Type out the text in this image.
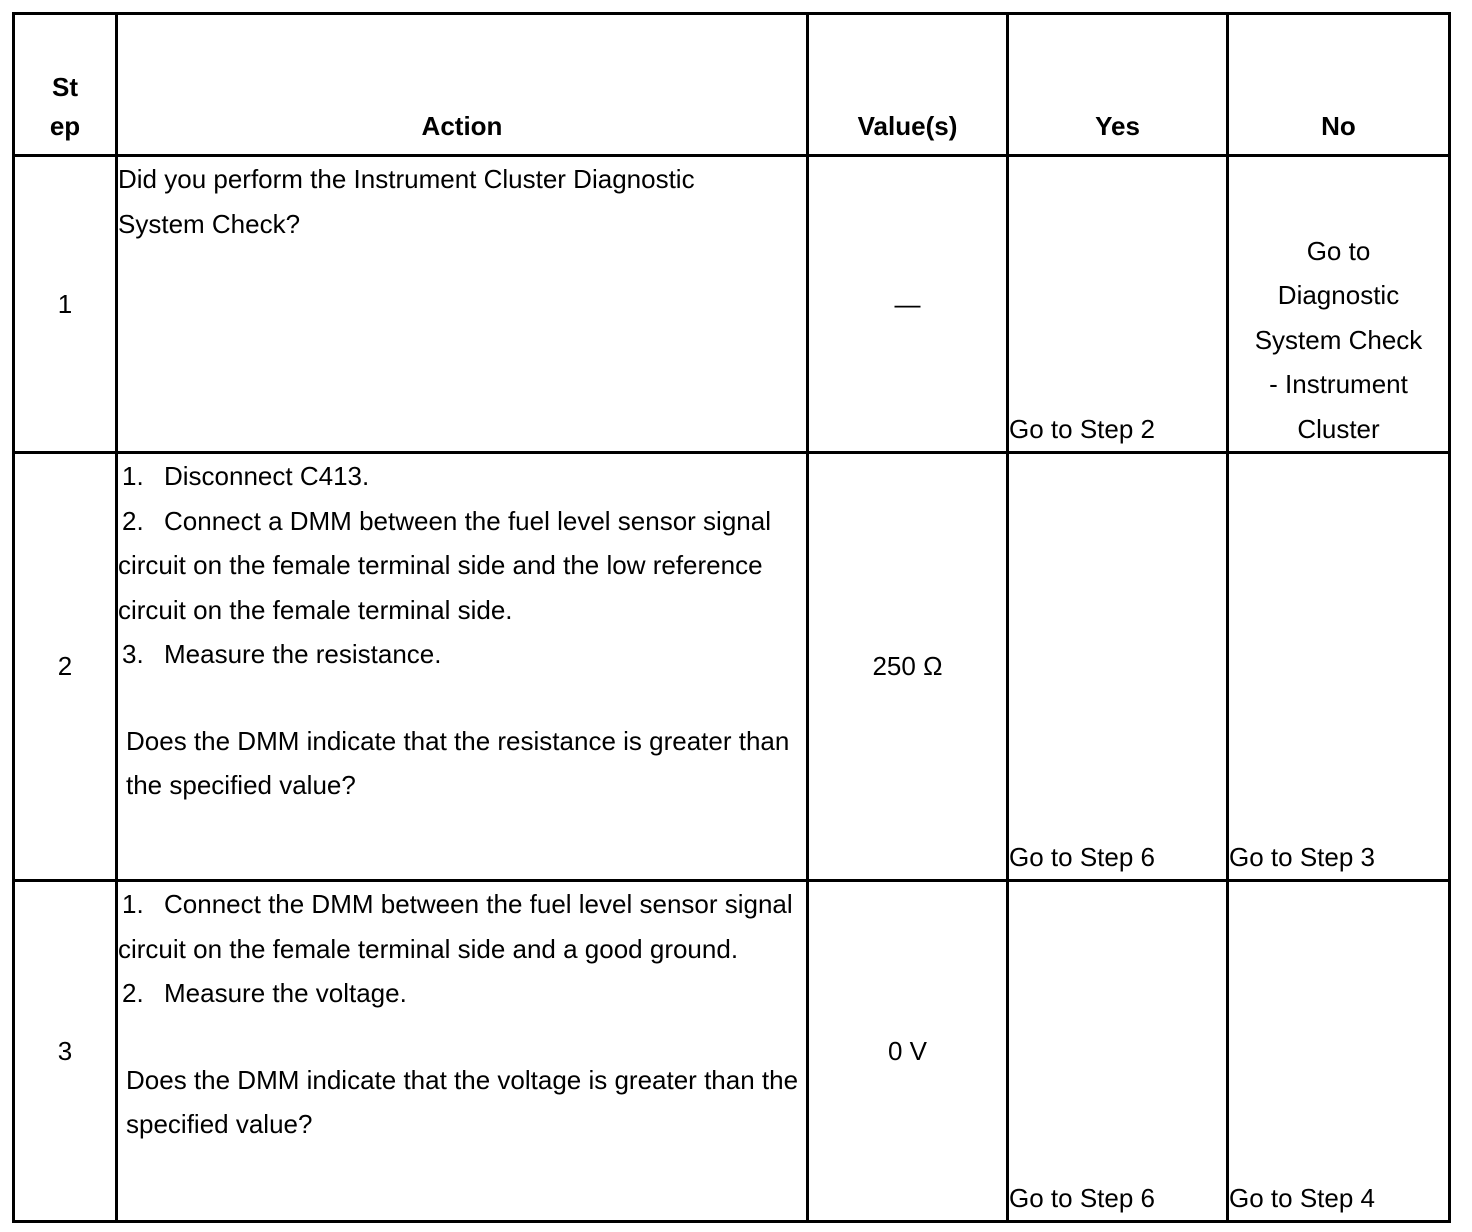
St
ep	Action	Value(s)	Yes	No
1	Did you perform the Instrument Cluster Diagnostic System Check?	—	Go to Step 2	Go to Diagnostic System Check - Instrument Cluster
2	1. Disconnect C413.
2. Connect a DMM between the fuel level sensor signal circuit on the female terminal side and the low reference circuit on the female terminal side.
3. Measure the resistance.
Does the DMM indicate that the resistance is greater than the specified value?	250 Ω	Go to Step 6	Go to Step 3
3	1. Connect the DMM between the fuel level sensor signal circuit on the female terminal side and a good ground.
2. Measure the voltage.
Does the DMM indicate that the voltage is greater than the specified value?	0 V	Go to Step 6	Go to Step 4
